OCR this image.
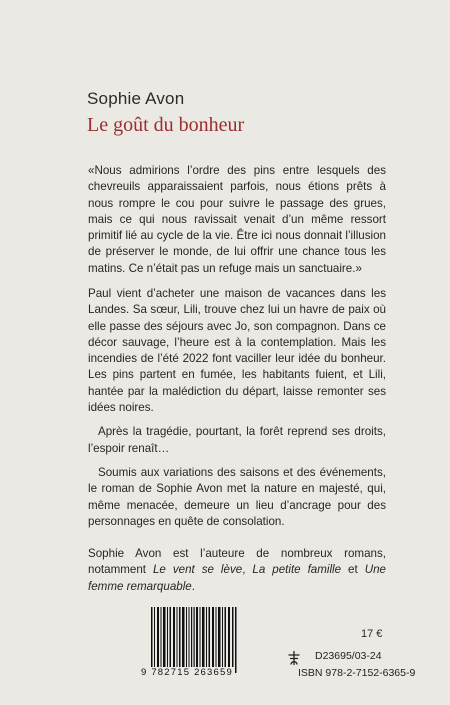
Sophie Avon
Le goût du bonheur

«Nous admirions l’ordre des pins entre lesquels des chevreuils apparaissaient parfois, nous étions prêts à nous rompre le cou pour suivre le passage des grues, mais ce qui nous ravissait venait d’un même ressort primitif lié au cycle de la vie. Être ici nous donnait l’illusion de préserver le monde, de lui offrir une chance tous les matins. Ce n’était pas un refuge mais un sanctuaire.»

Paul vient d’acheter une maison de vacances dans les Landes. Sa sœur, Lili, trouve chez lui un havre de paix où elle passe des séjours avec Jo, son compagnon. Dans ce décor sauvage, l’heure est à la contemplation. Mais les incendies de l’été 2022 font vaciller leur idée du bonheur. Les pins partent en fumée, les habitants fuient, et Lili, hantée par la malédiction du départ, laisse remonter ses idées noires.

Après la tragédie, pourtant, la forêt reprend ses droits, l’espoir renaît…

Soumis aux variations des saisons et des événements, le roman de Sophie Avon met la nature en majesté, qui, même menacée, demeure un lieu d’ancrage pour des personnages en quête de consolation.

Sophie Avon est l’auteure de nombreux romans, notamment Le vent se lève, La petite famille et Une femme remarquable.

17 €
9 782715 263659
D23695/03-24
ISBN 978-2-7152-6365-9
